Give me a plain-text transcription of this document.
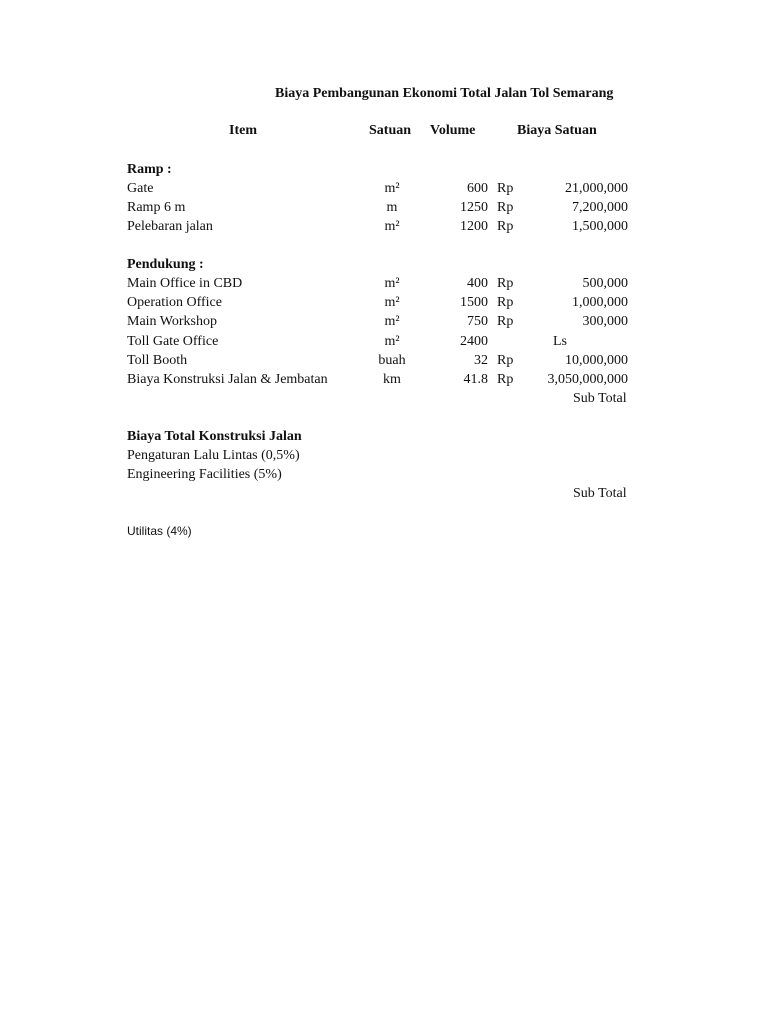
Biaya Pembangunan Ekonomi Total Jalan Tol Semarang
Item	Satuan Volume	Biaya Satuan
Ramp :
Gate	m²	600 Rp	21,000,000
Ramp 6 m	m	1250 Rp	7,200,000
Pelebaran jalan	m²	1200 Rp	1,500,000
Pendukung :
Main Office in CBD	m²	400 Rp	500,000
Operation Office	m²	1500 Rp	1,000,000
Main Workshop	m²	750 Rp	300,000
Toll Gate Office	m²	2400	Ls
Toll Booth	buah	32 Rp	10,000,000
Biaya Konstruksi Jalan & Jembatan	km	41.8 Rp	3,050,000,000
Sub Total
Biaya Total Konstruksi Jalan
Pengaturan Lalu Lintas (0,5%)
Engineering Facilities (5%)
Sub Total
Utilitas (4%)
